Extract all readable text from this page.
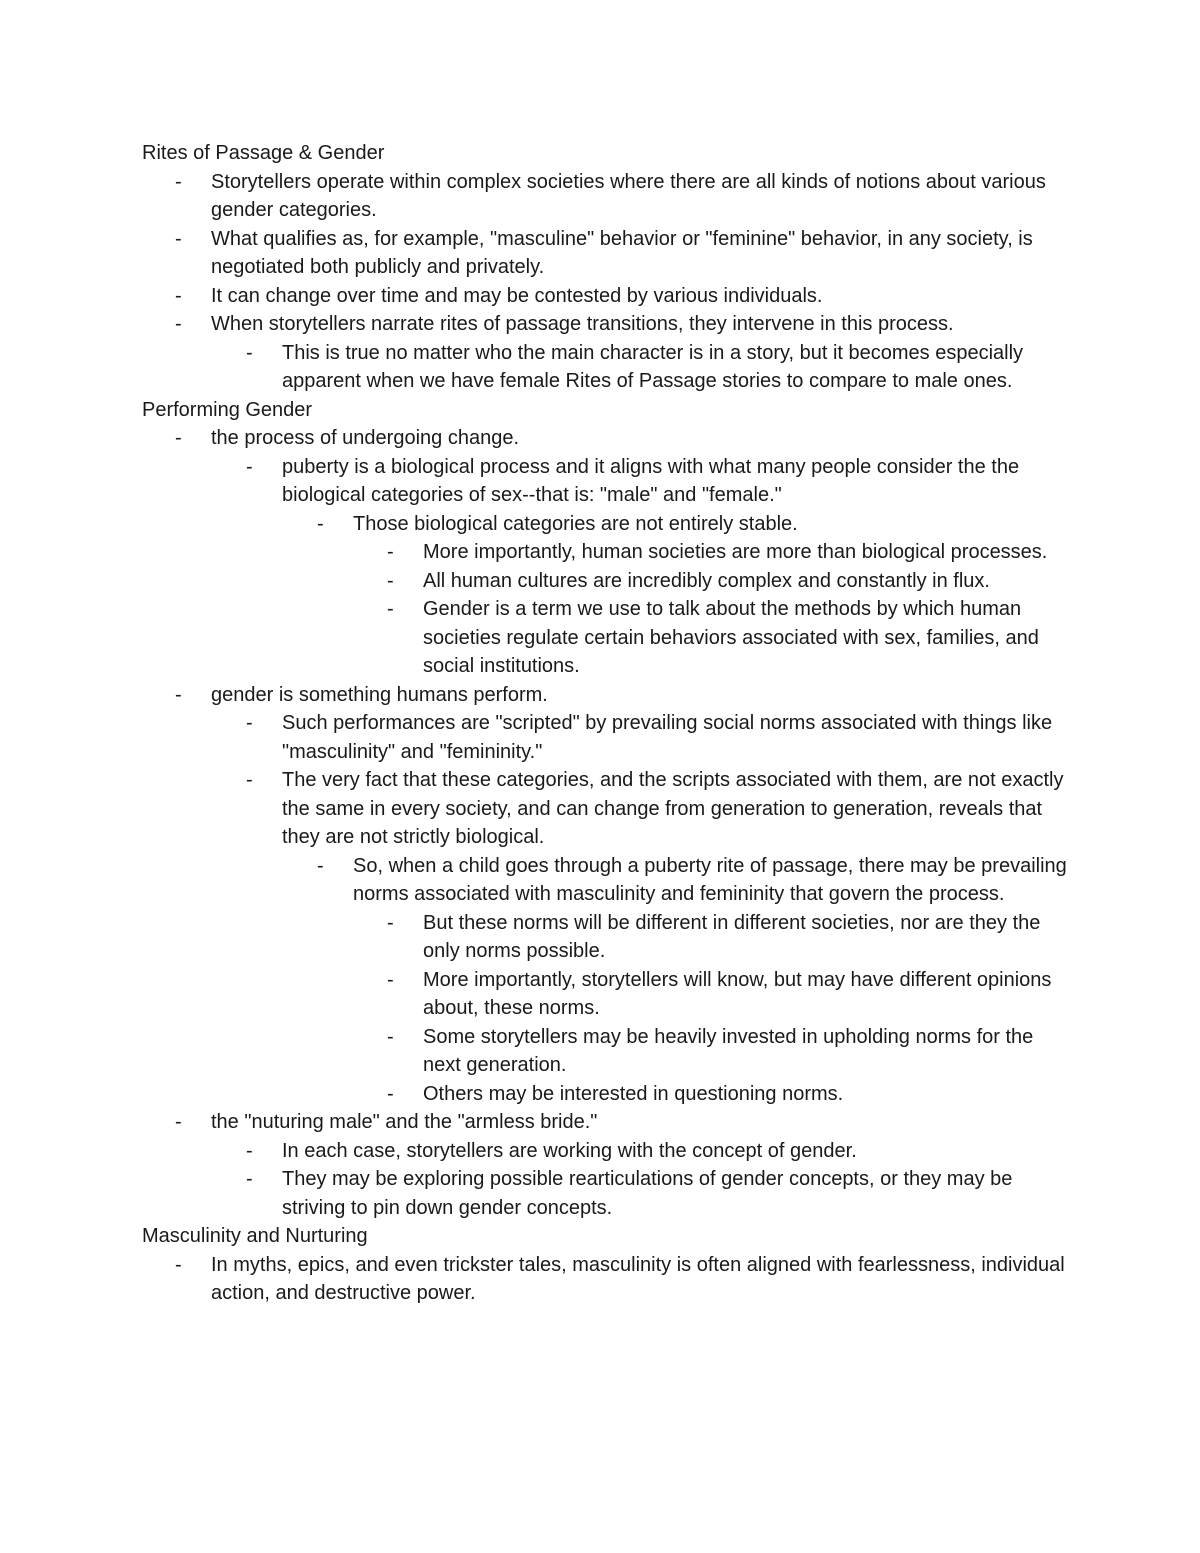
Rites of Passage & Gender
- Storytellers operate within complex societies where there are all kinds of notions about various gender categories.
- What qualifies as, for example, "masculine" behavior or "feminine" behavior, in any society, is negotiated both publicly and privately.
- It can change over time and may be contested by various individuals.
- When storytellers narrate rites of passage transitions, they intervene in this process.
- This is true no matter who the main character is in a story, but it becomes especially apparent when we have female Rites of Passage stories to compare to male ones.
Performing Gender
- the process of undergoing change.
- puberty is a biological process and it aligns with what many people consider the the biological categories of sex--that is: "male" and "female."
- Those biological categories are not entirely stable.
- More importantly, human societies are more than biological processes.
- All human cultures are incredibly complex and constantly in flux.
- Gender is a term we use to talk about the methods by which human societies regulate certain behaviors associated with sex, families, and social institutions.
- gender is something humans perform.
- Such performances are "scripted" by prevailing social norms associated with things like "masculinity" and "femininity."
- The very fact that these categories, and the scripts associated with them, are not exactly the same in every society, and can change from generation to generation, reveals that they are not strictly biological.
- So, when a child goes through a puberty rite of passage, there may be prevailing norms associated with masculinity and femininity that govern the process.
- But these norms will be different in different societies, nor are they the only norms possible.
- More importantly, storytellers will know, but may have different opinions about, these norms.
- Some storytellers may be heavily invested in upholding norms for the next generation.
- Others may be interested in questioning norms.
- the "nuturing male" and the "armless bride."
- In each case, storytellers are working with the concept of gender.
- They may be exploring possible rearticulations of gender concepts, or they may be striving to pin down gender concepts.
Masculinity and Nurturing
- In myths, epics, and even trickster tales, masculinity is often aligned with fearlessness, individual action, and destructive power.
